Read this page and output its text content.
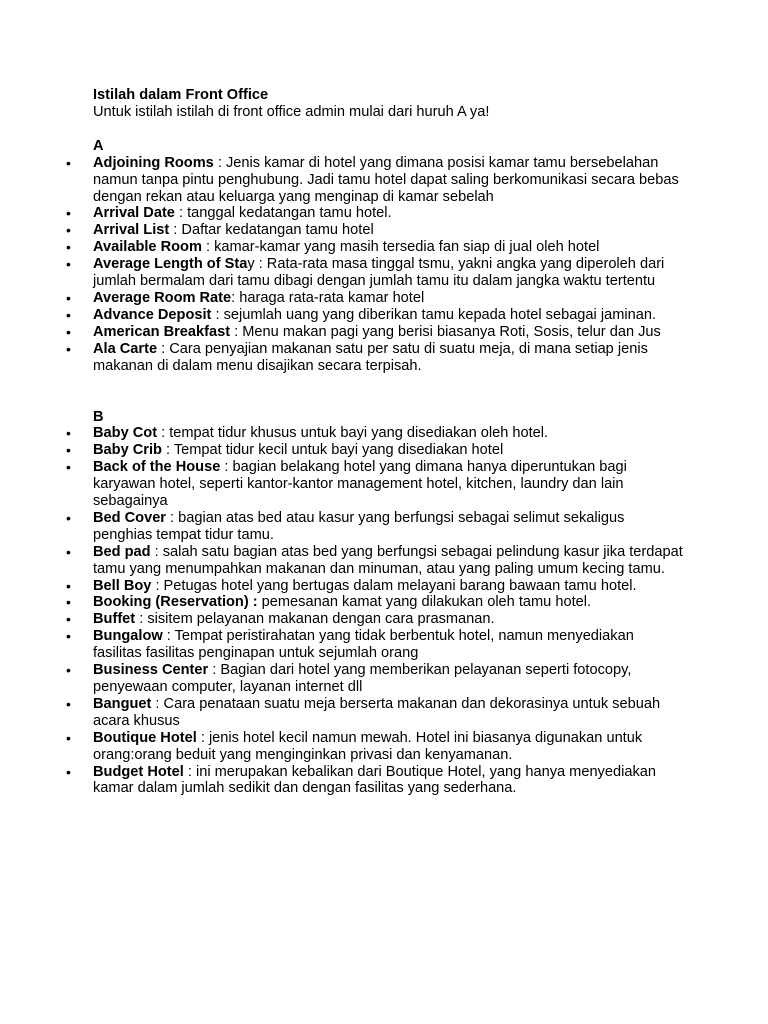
Istilah dalam Front Office
Untuk istilah istilah di front office admin mulai dari huruh A ya!
A
• Adjoining Rooms : Jenis kamar di hotel yang dimana posisi kamar tamu bersebelahan namun tanpa pintu penghubung. Jadi tamu hotel dapat saling berkomunikasi secara bebas dengan rekan atau keluarga yang menginap di kamar sebelah
• Arrival Date : tanggal kedatangan tamu hotel.
• Arrival List : Daftar kedatangan tamu hotel
• Available Room : kamar-kamar yang masih tersedia fan siap di jual oleh hotel
• Average Length of Stay : Rata-rata masa tinggal tsmu, yakni angka yang diperoleh dari jumlah bermalam dari tamu dibagi dengan jumlah tamu itu dalam jangka waktu tertentu
• Average Room Rate: haraga rata-rata kamar hotel
• Advance Deposit : sejumlah uang yang diberikan tamu kepada hotel sebagai jaminan.
• American Breakfast : Menu makan pagi yang berisi biasanya Roti, Sosis, telur dan Jus
• Ala Carte : Cara penyajian makanan satu per satu di suatu meja, di mana setiap jenis makanan di dalam menu disajikan secara terpisah.
B
• Baby Cot : tempat tidur khusus untuk bayi yang disediakan oleh hotel.
• Baby Crib : Tempat tidur kecil untuk bayi yang disediakan hotel
• Back of the House : bagian belakang hotel yang dimana hanya diperuntukan bagi karyawan hotel, seperti kantor-kantor management hotel, kitchen, laundry dan lain sebagainya
• Bed Cover : bagian atas bed atau kasur yang berfungsi sebagai selimut sekaligus penghias tempat tidur tamu.
• Bed pad : salah satu bagian atas bed yang berfungsi sebagai pelindung kasur jika terdapat tamu yang menumpahkan makanan dan minuman, atau yang paling umum kecing tamu.
• Bell Boy : Petugas hotel yang bertugas dalam melayani barang bawaan tamu hotel.
• Booking (Reservation) : pemesanan kamat yang dilakukan oleh tamu hotel.
• Buffet : sisitem pelayanan makanan dengan cara prasmanan.
• Bungalow : Tempat peristirahatan yang tidak berbentuk hotel, namun menyediakan fasilitas fasilitas penginapan untuk sejumlah orang
• Business Center : Bagian dari hotel yang memberikan pelayanan seperti fotocopy, penyewaan computer, layanan internet dll
• Banguet : Cara penataan suatu meja berserta makanan dan dekorasinya untuk sebuah acara khusus
• Boutique Hotel : jenis hotel kecil namun mewah. Hotel ini biasanya digunakan untuk orang:orang beduit yang menginginkan privasi dan kenyamanan.
• Budget Hotel : ini merupakan kebalikan dari Boutique Hotel, yang hanya menyediakan kamar dalam jumlah sedikit dan dengan fasilitas yang sederhana.
